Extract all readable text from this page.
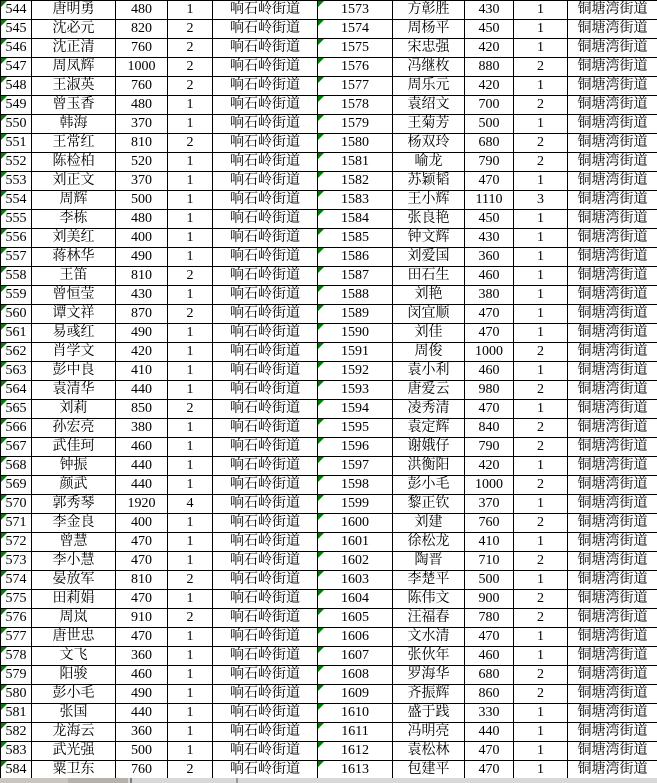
544	唐明勇	480	1	响石岭街道	1573	方彰胜	430	1	铜塘湾街道
545	沈必元	820	2	响石岭街道	1574	周杨平	450	1	铜塘湾街道
546	沈正清	760	2	响石岭街道	1575	宋忠强	420	1	铜塘湾街道
547	周凤辉	1000	2	响石岭街道	1576	冯继枚	880	2	铜塘湾街道
548	王淑英	760	2	响石岭街道	1577	周乐元	420	1	铜塘湾街道
549	曾玉香	480	1	响石岭街道	1578	袁绍文	700	2	铜塘湾街道
550	韩海	370	1	响石岭街道	1579	王菊芳	500	1	铜塘湾街道
551	王常红	810	2	响石岭街道	1580	杨双玲	680	2	铜塘湾街道
552	陈检柏	520	1	响石岭街道	1581	喻龙	790	2	铜塘湾街道
553	刘正文	370	1	响石岭街道	1582	苏颖韬	470	1	铜塘湾街道
554	周辉	500	1	响石岭街道	1583	王小辉	1110	3	铜塘湾街道
555	李栋	480	1	响石岭街道	1584	张良艳	450	1	铜塘湾街道
556	刘美红	400	1	响石岭街道	1585	钟文辉	430	1	铜塘湾街道
557	蒋林华	490	1	响石岭街道	1586	刘爱国	360	1	铜塘湾街道
558	王笛	810	2	响石岭街道	1587	田石生	460	1	铜塘湾街道
559	曾恒莹	430	1	响石岭街道	1588	刘艳	380	1	铜塘湾街道
560	谭文祥	870	2	响石岭街道	1589	闵宜顺	470	1	铜塘湾街道
561	易彧红	490	1	响石岭街道	1590	刘佳	470	1	铜塘湾街道
562	肖学文	420	1	响石岭街道	1591	周俊	1000	2	铜塘湾街道
563	彭中良	410	1	响石岭街道	1592	袁小利	460	1	铜塘湾街道
564	袁清华	440	1	响石岭街道	1593	唐爱云	980	2	铜塘湾街道
565	刘莉	850	2	响石岭街道	1594	凌秀清	470	1	铜塘湾街道
566	孙宏亮	380	1	响石岭街道	1595	袁定辉	840	2	铜塘湾街道
567	武佳珂	460	1	响石岭街道	1596	谢娥仔	790	2	铜塘湾街道
568	钟振	440	1	响石岭街道	1597	洪衡阳	420	1	铜塘湾街道
569	颜武	440	1	响石岭街道	1598	彭小毛	1000	2	铜塘湾街道
570	郭秀琴	1920	4	响石岭街道	1599	黎正钦	370	1	铜塘湾街道
571	李金良	400	1	响石岭街道	1600	刘建	760	2	铜塘湾街道
572	曾慧	470	1	响石岭街道	1601	徐松龙	410	1	铜塘湾街道
573	李小慧	470	1	响石岭街道	1602	陶晋	710	2	铜塘湾街道
574	晏放军	810	2	响石岭街道	1603	李楚平	500	1	铜塘湾街道
575	田莉娟	470	1	响石岭街道	1604	陈伟文	900	2	铜塘湾街道
576	周岚	910	2	响石岭街道	1605	汪福春	780	2	铜塘湾街道
577	唐世忠	470	1	响石岭街道	1606	文水清	470	1	铜塘湾街道
578	文飞	360	1	响石岭街道	1607	张伙年	460	1	铜塘湾街道
579	阳骏	460	1	响石岭街道	1608	罗海华	680	2	铜塘湾街道
580	彭小毛	490	1	响石岭街道	1609	齐振辉	860	2	铜塘湾街道
581	张国	440	1	响石岭街道	1610	盛于践	330	1	铜塘湾街道
582	龙海云	360	1	响石岭街道	1611	冯明亮	440	1	铜塘湾街道
583	武光强	500	1	响石岭街道	1612	袁松林	470	1	铜塘湾街道
584	粟卫东	760	2	响石岭街道	1613	包建平	470	1	铜塘湾街道
